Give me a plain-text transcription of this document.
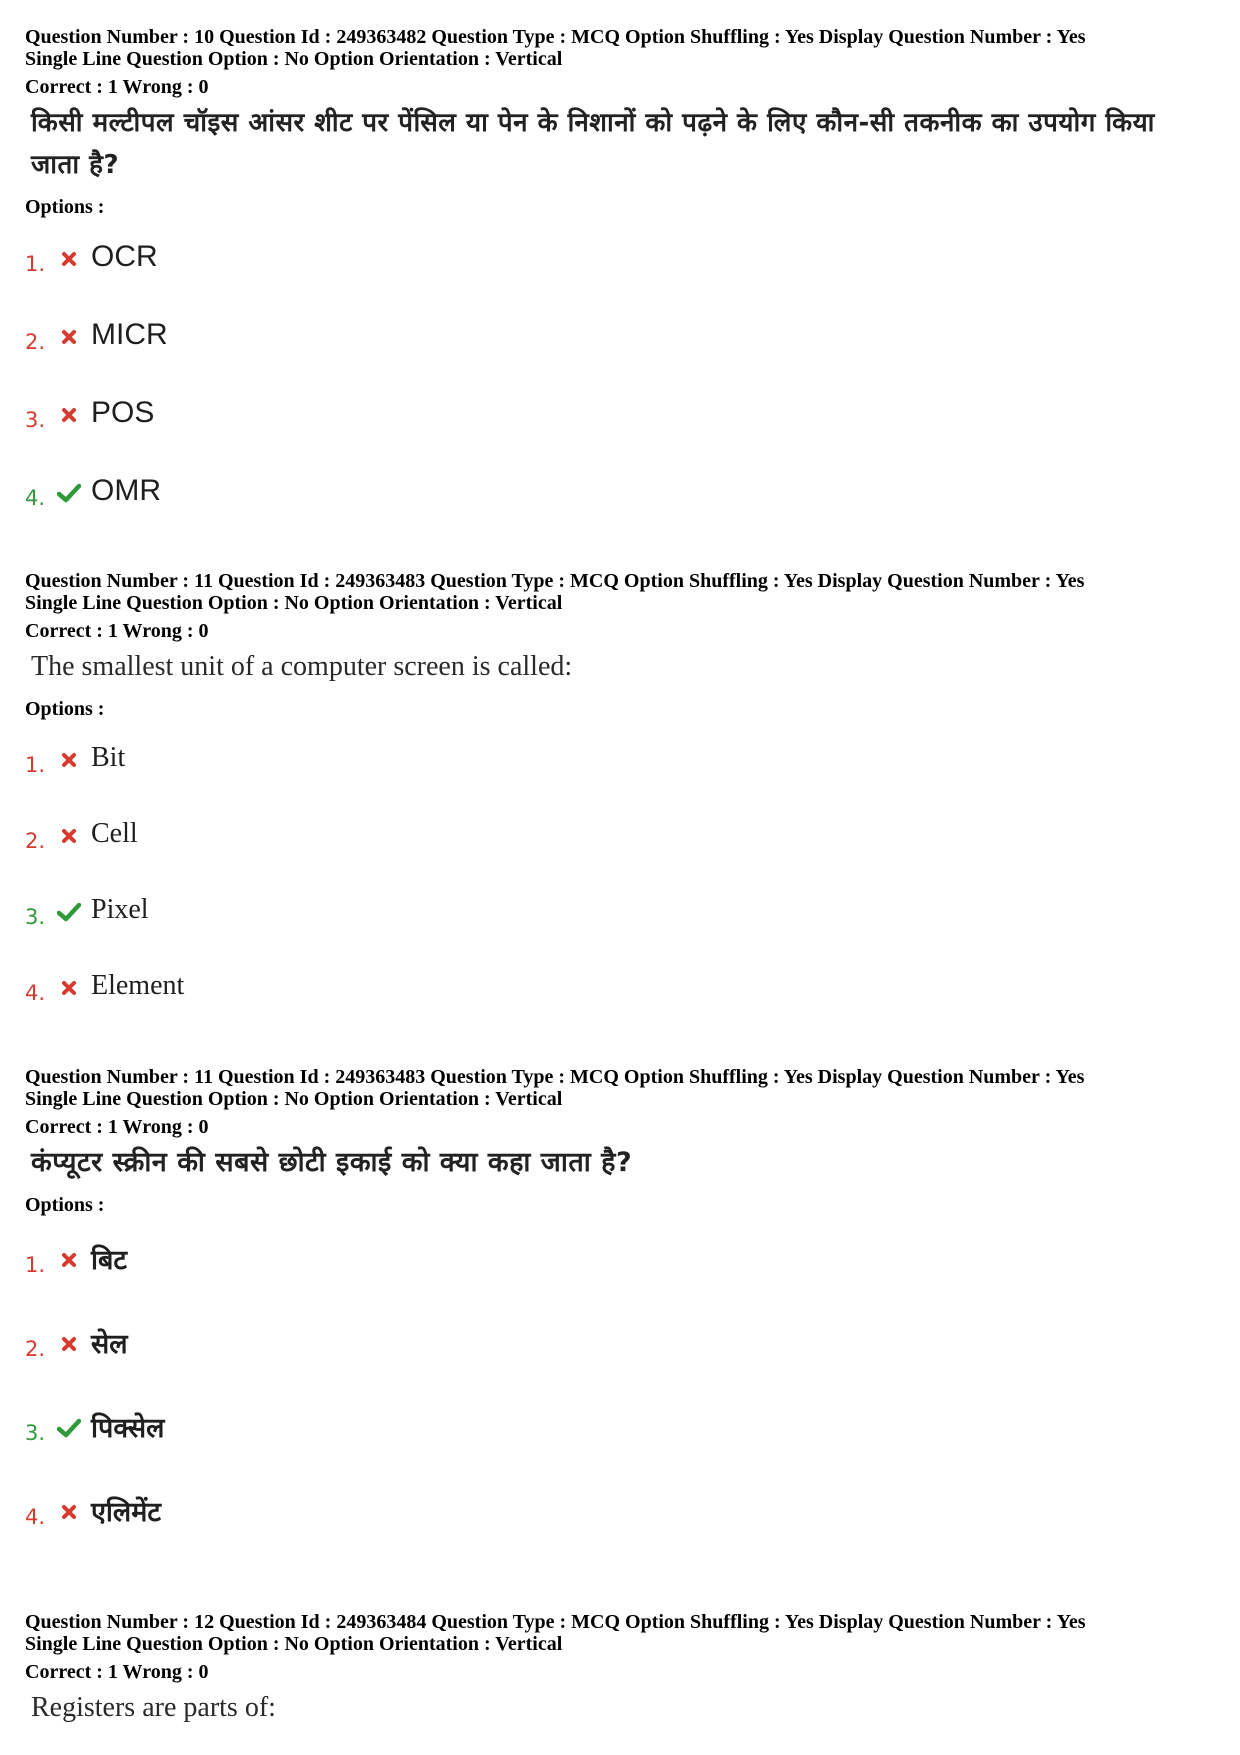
Question Number : 10 Question Id : 249363482 Question Type : MCQ Option Shuffling : Yes Display Question Number : Yes
Single Line Question Option : No Option Orientation : Vertical
Correct : 1 Wrong : 0
किसी मल्टीपल चॉइस आंसर शीट पर पेंसिल या पेन के निशानों को पढ़ने के लिए कौन-सी तकनीक का उपयोग किया जाता है?
Options :
1.	OCR
2.	MICR
3.	POS
4.	OMR
Question Number : 11 Question Id : 249363483 Question Type : MCQ Option Shuffling : Yes Display Question Number : Yes
Single Line Question Option : No Option Orientation : Vertical
Correct : 1 Wrong : 0
The smallest unit of a computer screen is called:
Options :
1.	Bit
2.	Cell
3.	Pixel
4.	Element
Question Number : 11 Question Id : 249363483 Question Type : MCQ Option Shuffling : Yes Display Question Number : Yes
Single Line Question Option : No Option Orientation : Vertical
Correct : 1 Wrong : 0
कंप्यूटर स्क्रीन की सबसे छोटी इकाई को क्या कहा जाता है?
Options :
1.	बिट
2.	सेल
3.	पिक्सेल
4.	एलिमेंट
Question Number : 12 Question Id : 249363484 Question Type : MCQ Option Shuffling : Yes Display Question Number : Yes
Single Line Question Option : No Option Orientation : Vertical
Correct : 1 Wrong : 0
Registers are parts of:
